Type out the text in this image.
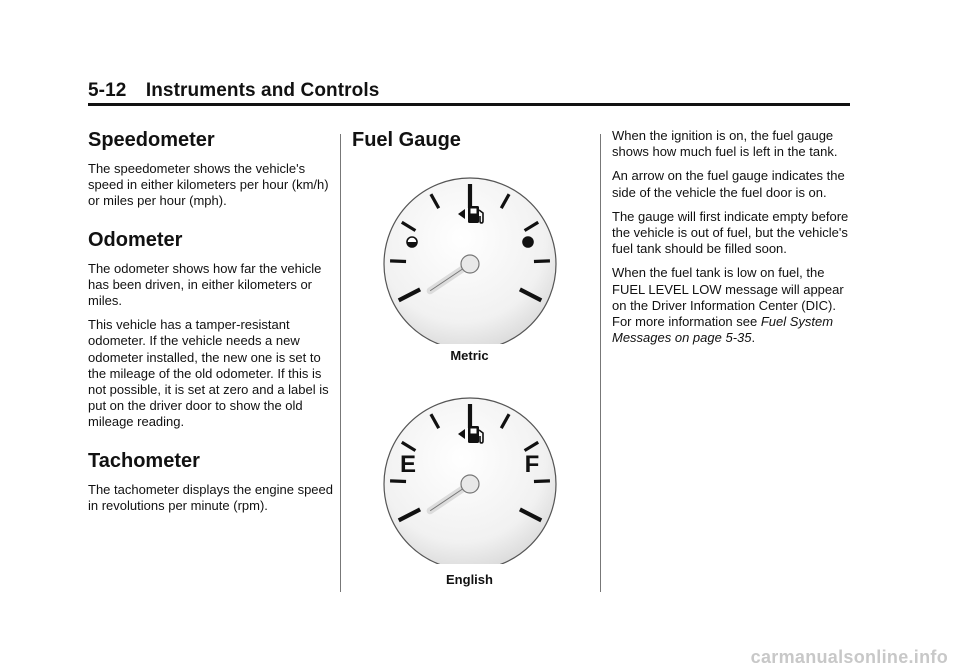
5-12 Instruments and Controls
Speedometer

The speedometer shows the vehicle's speed in either kilometers per hour (km/h) or miles per hour (mph).

Odometer

The odometer shows how far the vehicle has been driven, in either kilometers or miles.

This vehicle has a tamper-resistant odometer. If the vehicle needs a new odometer installed, the new one is set to the mileage of the old odometer. If this is not possible, it is set at zero and a label is put on the driver door to show the old mileage reading.

Tachometer

The tachometer displays the engine speed in revolutions per minute (rpm).

Fuel Gauge

Metric

E	F

English

When the ignition is on, the fuel gauge shows how much fuel is left in the tank.

An arrow on the fuel gauge indicates the side of the vehicle the fuel door is on.

The gauge will first indicate empty before the vehicle is out of fuel, but the vehicle's fuel tank should be filled soon.

When the fuel tank is low on fuel, the FUEL LEVEL LOW message will appear on the Driver Information Center (DIC). For more information see Fuel System Messages on page 5-35.

carmanualsonline.info
